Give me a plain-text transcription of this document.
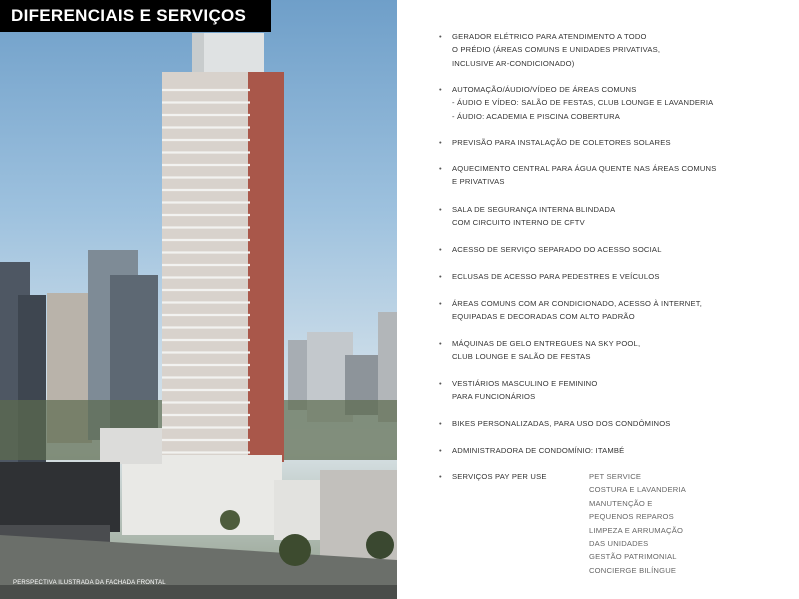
DIFERENCIAIS E SERVIÇOS
PERSPECTIVA ILUSTRADA DA FACHADA FRONTAL
• GERADOR ELÉTRICO PARA ATENDIMENTO A TODO
O PRÉDIO (ÁREAS COMUNS E UNIDADES PRIVATIVAS,
INCLUSIVE AR-CONDICIONADO)
• AUTOMAÇÃO/ÁUDIO/VÍDEO DE ÁREAS COMUNS
- ÁUDIO E VÍDEO: SALÃO DE FESTAS, CLUB LOUNGE E LAVANDERIA
- ÁUDIO: ACADEMIA E PISCINA COBERTURA
• PREVISÃO PARA INSTALAÇÃO DE COLETORES SOLARES
• AQUECIMENTO CENTRAL PARA ÁGUA QUENTE NAS ÁREAS COMUNS
E PRIVATIVAS
• SALA DE SEGURANÇA INTERNA BLINDADA
COM CIRCUITO INTERNO DE CFTV
• ACESSO DE SERVIÇO SEPARADO DO ACESSO SOCIAL
• ECLUSAS DE ACESSO PARA PEDESTRES E VEÍCULOS
• ÁREAS COMUNS COM AR CONDICIONADO, ACESSO À INTERNET,
EQUIPADAS E DECORADAS COM ALTO PADRÃO
• MÁQUINAS DE GELO ENTREGUES NA SKY POOL,
CLUB LOUNGE E SALÃO DE FESTAS
• VESTIÁRIOS MASCULINO E FEMININO
PARA FUNCIONÁRIOS
• BIKES PERSONALIZADAS, PARA USO DOS CONDÔMINOS
• ADMINISTRADORA DE CONDOMÍNIO: ITAMBÉ
• SERVIÇOS PAY PER USE	PET SERVICE
COSTURA E LAVANDERIA
MANUTENÇÃO E
PEQUENOS REPAROS
LIMPEZA E ARRUMAÇÃO
DAS UNIDADES
GESTÃO PATRIMONIAL
CONCIERGE BILÍNGUE
